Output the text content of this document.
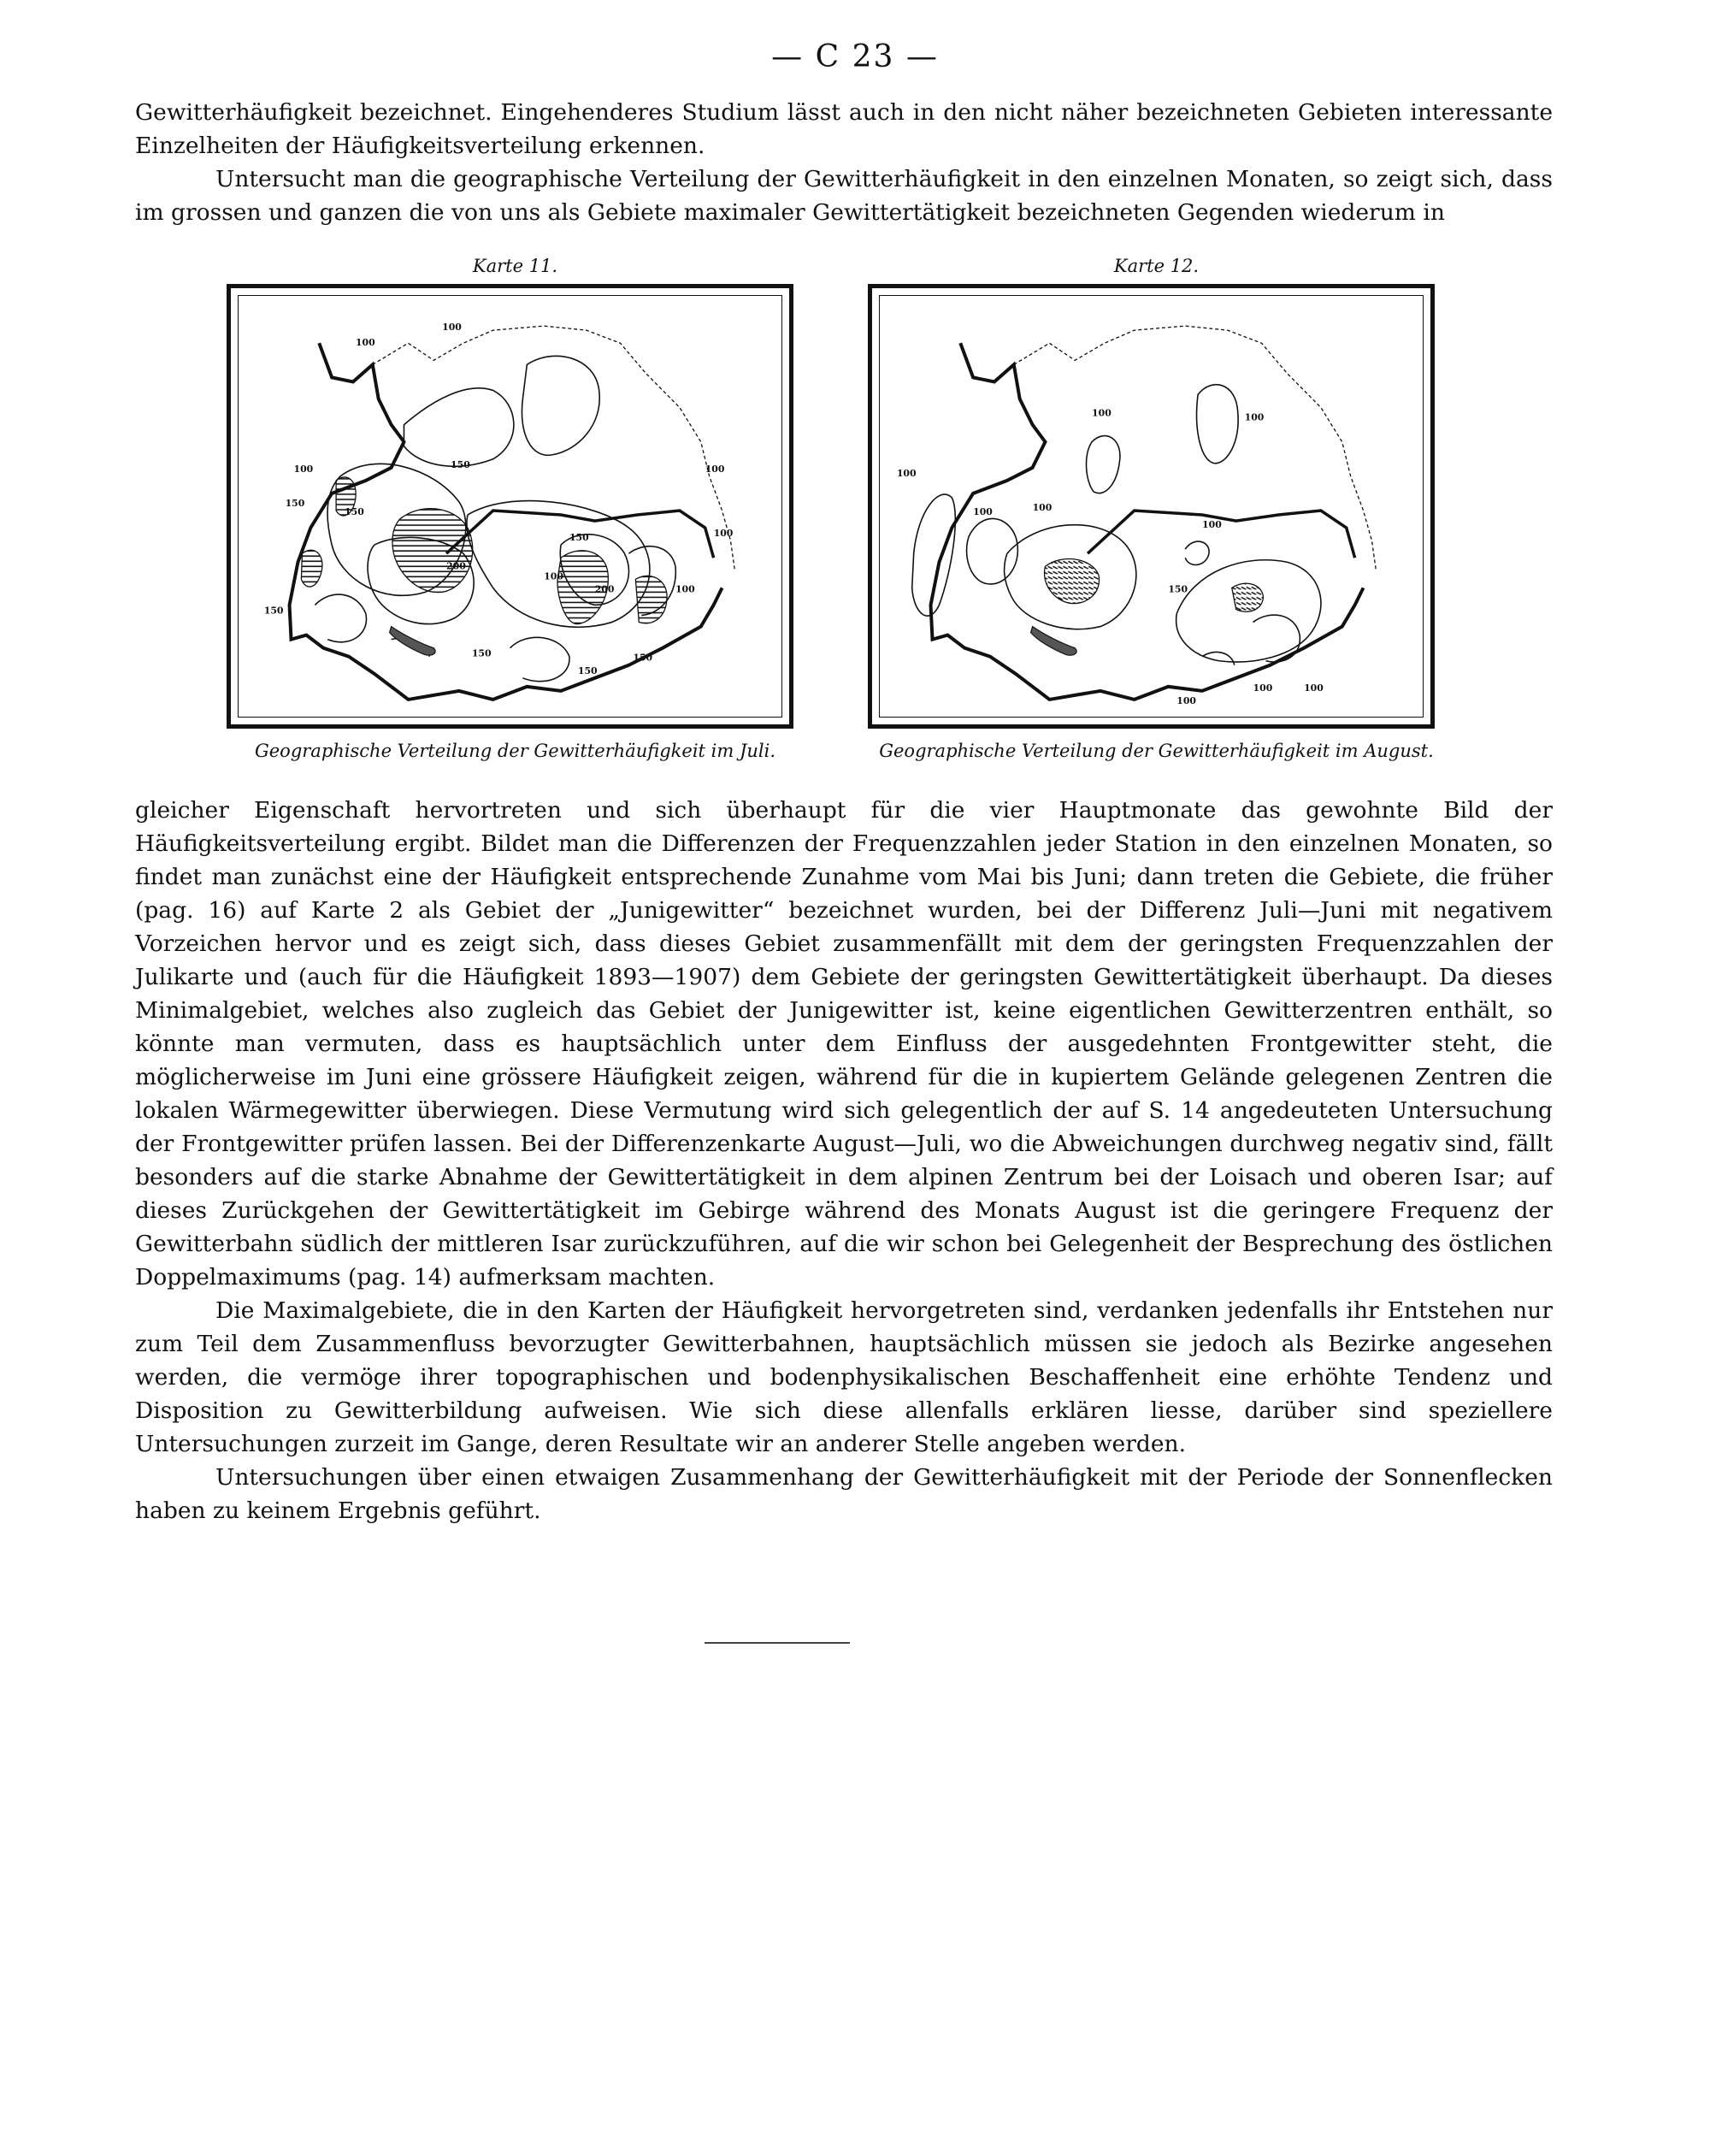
— C 23 —

Gewitterhäufigkeit bezeichnet. Eingehenderes Studium lässt auch in den nicht näher bezeichneten Gebieten interessante Einzelheiten der Häufigkeitsverteilung erkennen.

Untersucht man die geographische Verteilung der Gewitterhäufigkeit in den einzelnen Monaten, so zeigt sich, dass im grossen und ganzen die von uns als Gebiete maximaler Gewittertätigkeit bezeichneten Gegenden wiederum in

Karte 11.
100
100
100	100
100
100
100
150
150
150
150
150
150	150
150
200
200
Geographische Verteilung der Gewitterhäufigkeit im Juli.
Karte 12.
100	100
100
100	100
100
100
100	100
150
Geographische Verteilung der Gewitterhäufigkeit im August.

gleicher Eigenschaft hervortreten und sich überhaupt für die vier Hauptmonate das gewohnte Bild der Häufigkeitsverteilung ergibt. Bildet man die Differenzen der Frequenzzahlen jeder Station in den einzelnen Monaten, so findet man zunächst eine der Häufigkeit entsprechende Zunahme vom Mai bis Juni; dann treten die Gebiete, die früher (pag. 16) auf Karte 2 als Gebiet der „Junigewitter“ bezeichnet wurden, bei der Differenz Juli—Juni mit negativem Vorzeichen hervor und es zeigt sich, dass dieses Gebiet zusammenfällt mit dem der geringsten Frequenzzahlen der Julikarte und (auch für die Häufigkeit 1893—1907) dem Gebiete der geringsten Gewittertätigkeit überhaupt. Da dieses Minimalgebiet, welches also zugleich das Gebiet der Junigewitter ist, keine eigentlichen Gewitterzentren enthält, so könnte man vermuten, dass es hauptsächlich unter dem Einfluss der ausgedehnten Frontgewitter steht, die möglicherweise im Juni eine grössere Häufigkeit zeigen, während für die in kupiertem Gelände gelegenen Zentren die lokalen Wärmegewitter überwiegen. Diese Vermutung wird sich gelegentlich der auf S. 14 angedeuteten Untersuchung der Frontgewitter prüfen lassen. Bei der Differenzenkarte August—Juli, wo die Abweichungen durchweg negativ sind, fällt besonders auf die starke Abnahme der Gewittertätigkeit in dem alpinen Zentrum bei der Loisach und oberen Isar; auf dieses Zurückgehen der Gewittertätigkeit im Gebirge während des Monats August ist die geringere Frequenz der Gewitterbahn südlich der mittleren Isar zurückzuführen, auf die wir schon bei Gelegenheit der Besprechung des östlichen Doppelmaximums (pag. 14) aufmerksam machten.

Die Maximalgebiete, die in den Karten der Häufigkeit hervorgetreten sind, verdanken jedenfalls ihr Entstehen nur zum Teil dem Zusammenfluss bevorzugter Gewitterbahnen, hauptsächlich müssen sie jedoch als Bezirke angesehen werden, die vermöge ihrer topographischen und bodenphysikalischen Beschaffenheit eine erhöhte Tendenz und Disposition zu Gewitterbildung aufweisen. Wie sich diese allenfalls erklären liesse, darüber sind speziellere Untersuchungen zurzeit im Gange, deren Resultate wir an anderer Stelle angeben werden.

Untersuchungen über einen etwaigen Zusammenhang der Gewitterhäufigkeit mit der Periode der Sonnenflecken haben zu keinem Ergebnis geführt.
